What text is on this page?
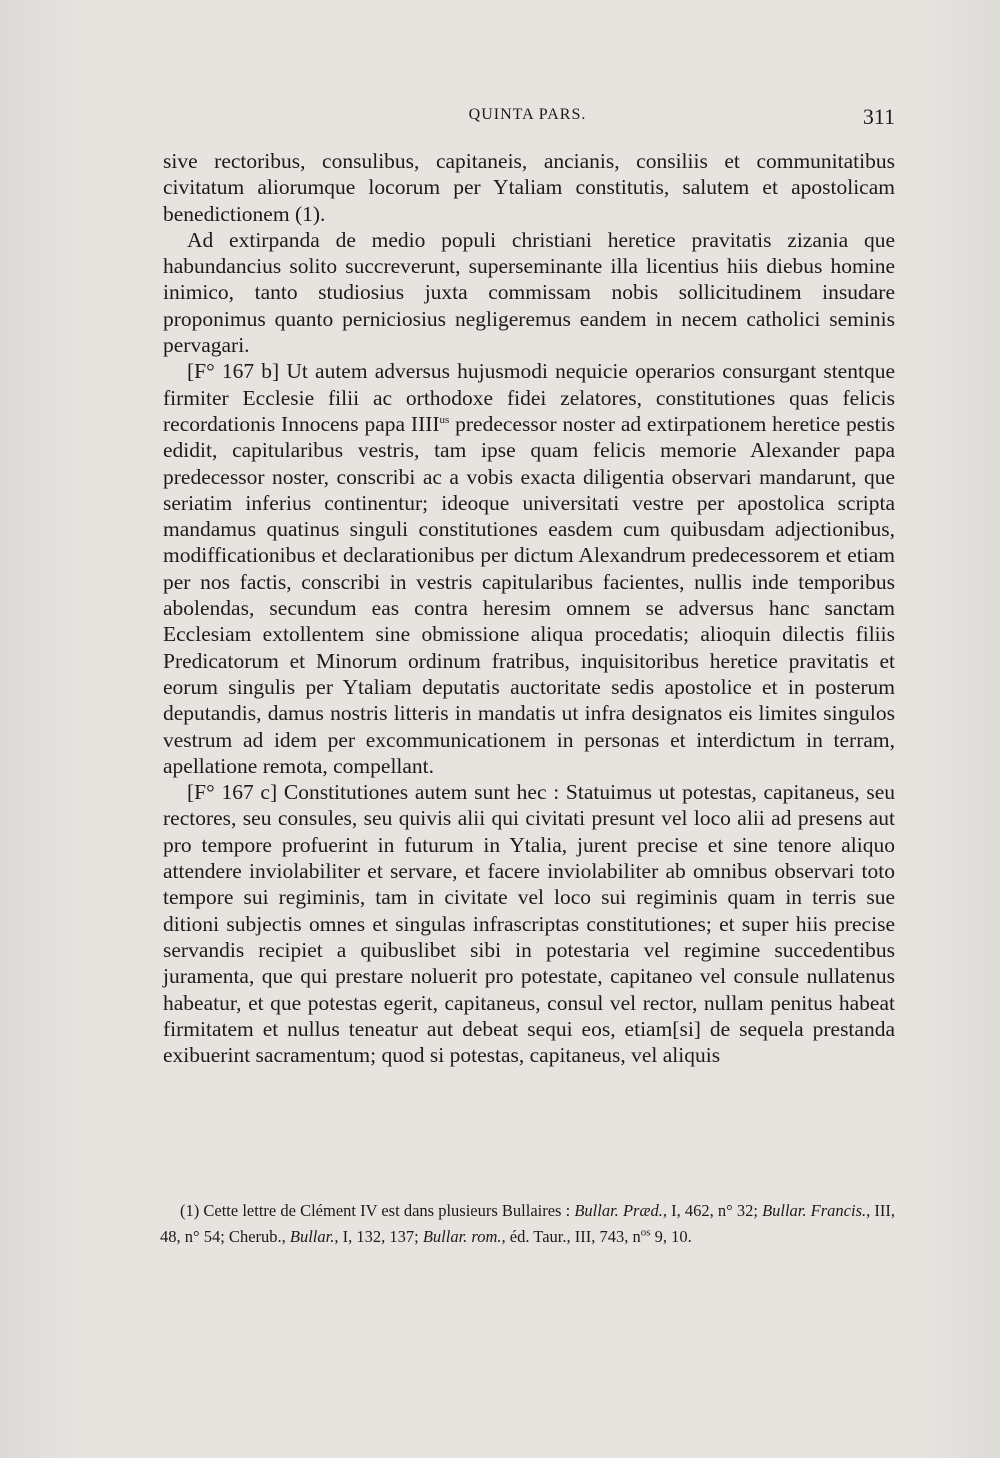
QUINTA PARS.	311

sive rectoribus, consulibus, capitaneis, ancianis, consiliis et communitatibus civitatum aliorumque locorum per Ytaliam constitutis, salutem et apostolicam benedictionem (1).

Ad extirpanda de medio populi christiani heretice pravitatis zizania que habundancius solito succreverunt, superseminante illa licentius hiis diebus homine inimico, tanto studiosius juxta commissam nobis sollicitudinem insudare proponimus quanto perniciosius negligeremus eandem in necem catholici seminis pervagari.

[F° 167 b] Ut autem adversus hujusmodi nequicie operarios consurgant stentque firmiter Ecclesie filii ac orthodoxe fidei zelatores, constitutiones quas felicis recordationis Innocens papa $IIII^{us}$ predecessor noster ad extirpationem heretice pestis edidit, capitularibus vestris, tam ipse quam felicis memorie Alexander papa predecessor noster, conscribi ac a vobis exacta diligentia observari mandarunt, que seriatim inferius continentur; ideoque universitati vestre per apostolica scripta mandamus quatinus singuli constitutiones easdem cum quibusdam adjectionibus, modifficationibus et declarationibus per dictum Alexandrum predecessorem et etiam per nos factis, conscribi in vestris capitularibus facientes, nullis inde temporibus abolendas, secundum eas contra heresim omnem se adversus hanc sanctam Ecclesiam extollentem sine obmissione aliqua procedatis; alioquin dilectis filiis Predicatorum et Minorum ordinum fratribus, inquisitoribus heretice pravitatis et eorum singulis per Ytaliam deputatis auctoritate sedis apostolice et in posterum deputandis, damus nostris litteris in mandatis ut infra designatos eis limites singulos vestrum ad idem per excommunicationem in personas et interdictum in terram, apellatione remota, compellant.

[F° 167 c] Constitutiones autem sunt hec : Statuimus ut potestas, capitaneus, seu rectores, seu consules, seu quivis alii qui civitati presunt vel loco alii ad presens aut pro tempore profuerint in futurum in Ytalia, jurent precise et sine tenore aliquo attendere inviolabiliter et servare, et facere inviolabiliter ab omnibus observari toto tempore sui regiminis, tam in civitate vel loco sui regiminis quam in terris sue ditioni subjectis omnes et singulas infrascriptas constitutiones; et super hiis precise servandis recipiet a quibuslibet sibi in potestaria vel regimine succedentibus juramenta, que qui prestare noluerit pro potestate, capitaneo vel consule nullatenus habeatur, et que potestas egerit, capitaneus, consul vel rector, nullam penitus habeat firmitatem et nullus teneatur aut debeat sequi eos, etiam[si] de sequela prestanda exibuerint sacramentum; quod si potestas, capitaneus, vel aliquis

(1) Cette lettre de Clément IV est dans plusieurs Bullaires : Bullar. Præd., I, 462, n° 32; Bullar. Francis., III, 48, n° 54; Cherub., Bullar., I, 132, 137; Bullar. rom., éd. Taur., III, 743, $n^{os}$ 9, 10.
